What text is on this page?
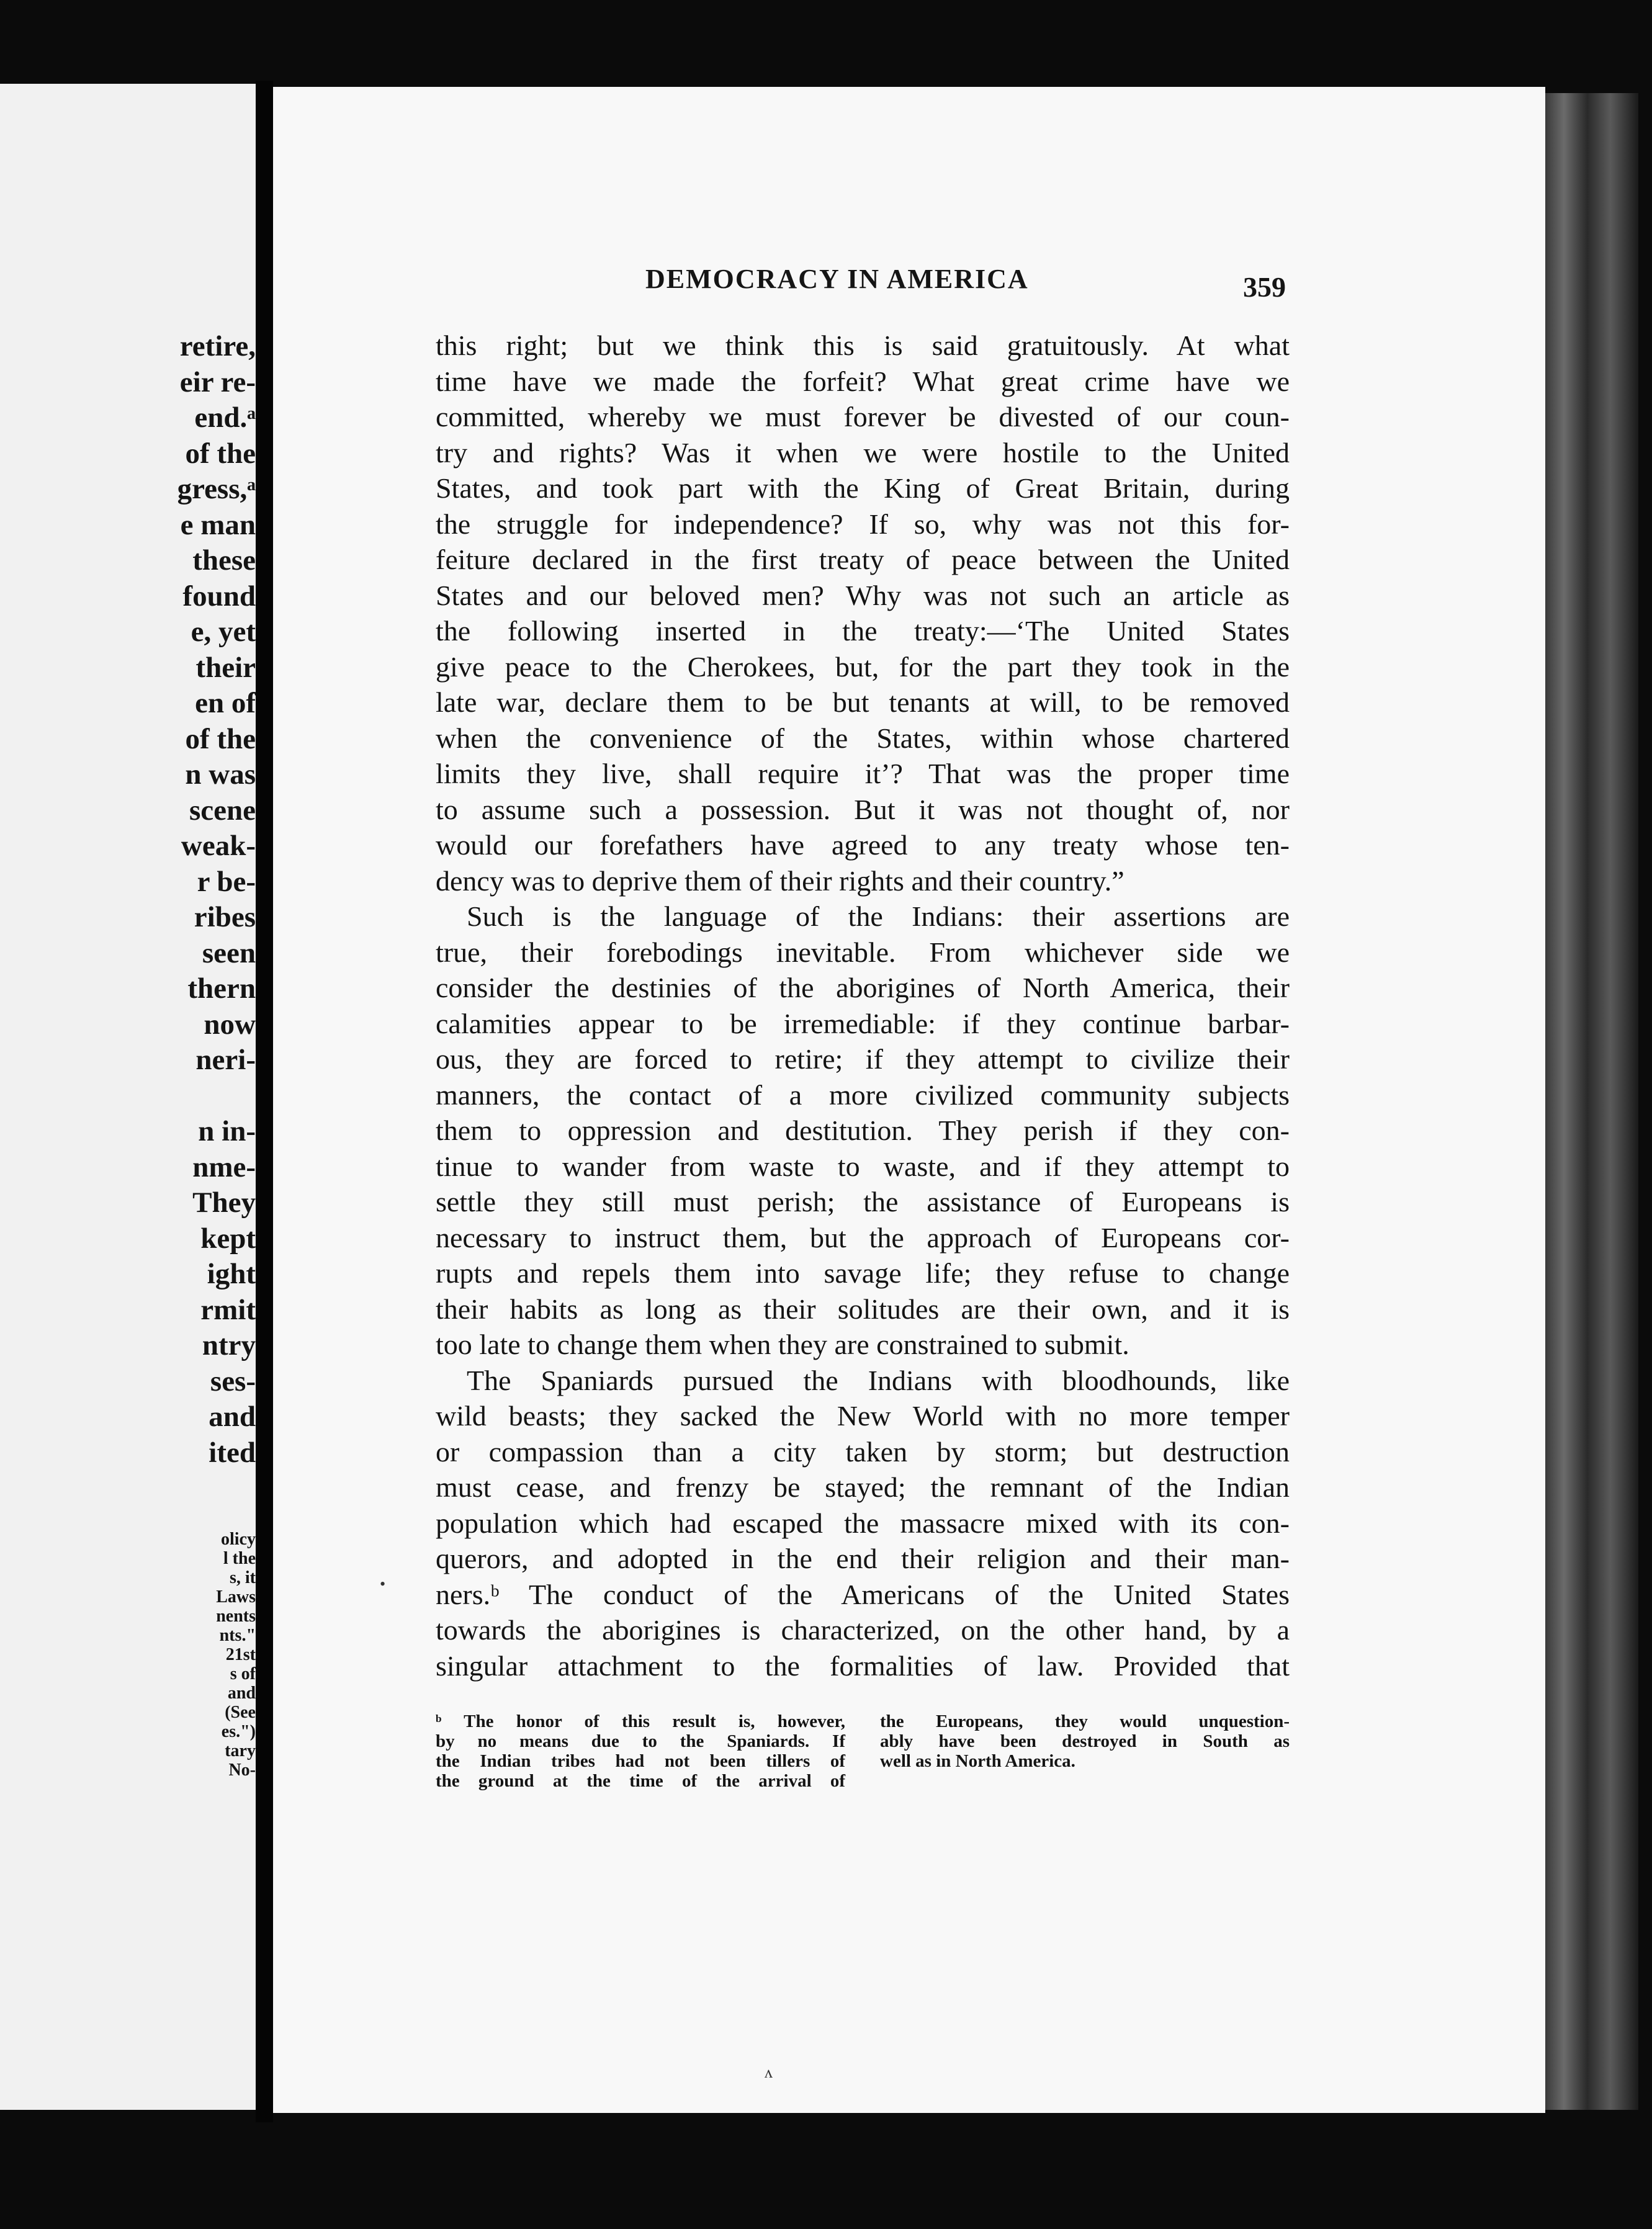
retire,
eir re-
end.ᵃ
of the
gress,ᵃ
e man
these
found
e, yet
their
en of
of the
n was
scene
weak-
r be-
ribes
seen
thern
now
neri-
n in-
nme-
They
kept
ight
rmit
ntry
ses-
and
ited
olicy
l the
s, it
Laws
nents
nts."
21st
s of
and
(See
es.")
tary
No-
DEMOCRACY IN AMERICA	359
this right; but we think this is said gratuitously. At what
time have we made the forfeit? What great crime have we
committed, whereby we must forever be divested of our coun-
try and rights? Was it when we were hostile to the United
States, and took part with the King of Great Britain, during
the struggle for independence? If so, why was not this for-
feiture declared in the first treaty of peace between the United
States and our beloved men? Why was not such an article as
the following inserted in the treaty:—‘The United States
give peace to the Cherokees, but, for the part they took in the
late war, declare them to be but tenants at will, to be removed
when the convenience of the States, within whose chartered
limits they live, shall require it’? That was the proper time
to assume such a possession. But it was not thought of, nor
would our forefathers have agreed to any treaty whose ten-
dency was to deprive them of their rights and their country.”
Such is the language of the Indians: their assertions are
true, their forebodings inevitable. From whichever side we
consider the destinies of the aborigines of North America, their
calamities appear to be irremediable: if they continue barbar-
ous, they are forced to retire; if they attempt to civilize their
manners, the contact of a more civilized community subjects
them to oppression and destitution. They perish if they con-
tinue to wander from waste to waste, and if they attempt to
settle they still must perish; the assistance of Europeans is
necessary to instruct them, but the approach of Europeans cor-
rupts and repels them into savage life; they refuse to change
their habits as long as their solitudes are their own, and it is
too late to change them when they are constrained to submit.
The Spaniards pursued the Indians with bloodhounds, like
wild beasts; they sacked the New World with no more temper
or compassion than a city taken by storm; but destruction
must cease, and frenzy be stayed; the remnant of the Indian
population which had escaped the massacre mixed with its con-
querors, and adopted in the end their religion and their man-
ners.ᵇ The conduct of the Americans of the United States
towards the aborigines is characterized, on the other hand, by a
singular attachment to the formalities of law. Provided that
ᵇ The honor of this result is, however,
by no means due to the Spaniards. If
the Indian tribes had not been tillers of
the ground at the time of the arrival of
the Europeans, they would unquestion-
ably have been destroyed in South as
well as in North America.
•
ʌ
